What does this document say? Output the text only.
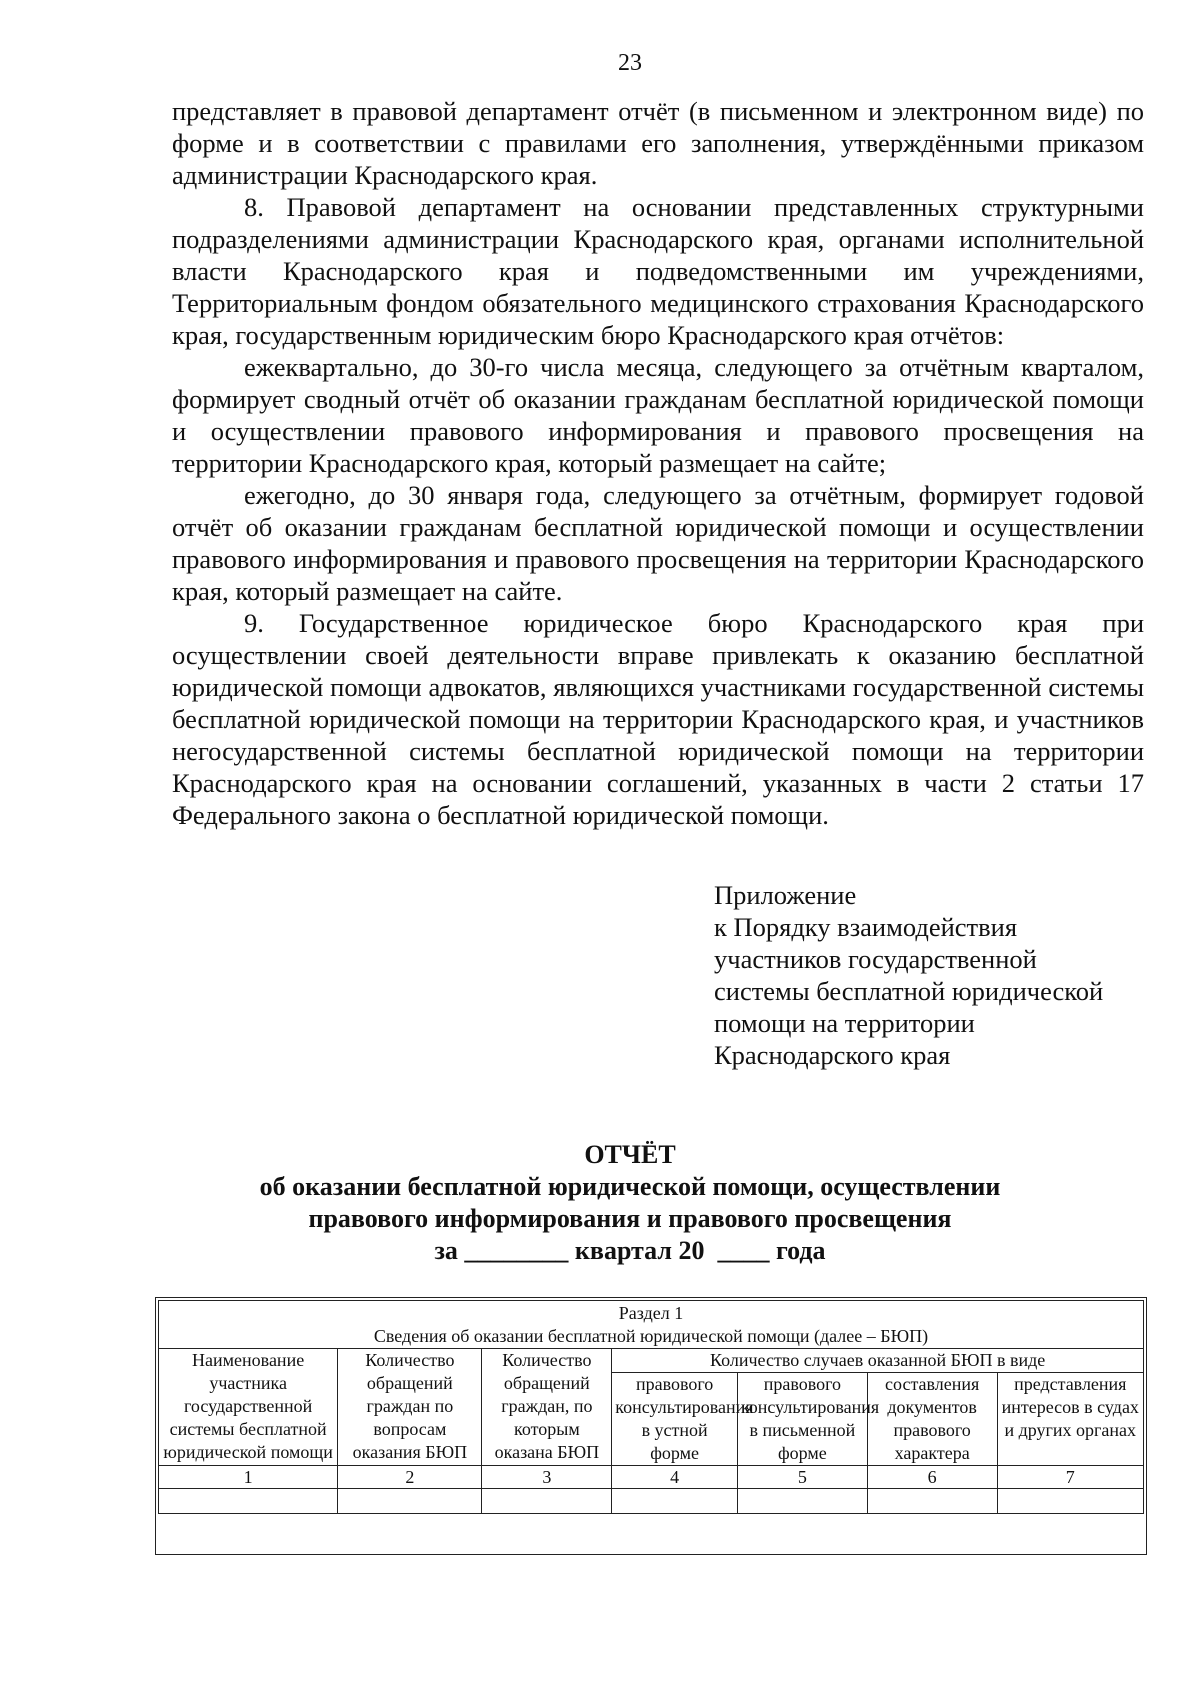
23

представляет в правовой департамент отчёт (в письменном и электронном виде) по форме и в соответствии с правилами его заполнения, утверждёнными приказом администрации Краснодарского края.

8. Правовой департамент на основании представленных структурными подразделениями администрации Краснодарского края, органами исполнительной власти Краснодарского края и подведомственными им учреждениями, Территориальным фондом обязательного медицинского страхования Краснодарского края, государственным юридическим бюро Краснодарского края отчётов:

ежеквартально, до 30-го числа месяца, следующего за отчётным кварталом, формирует сводный отчёт об оказании гражданам бесплатной юридической помощи и осуществлении правового информирования и правового просвещения на территории Краснодарского края, который размещает на сайте;

ежегодно, до 30 января года, следующего за отчётным, формирует годовой отчёт об оказании гражданам бесплатной юридической помощи и осуществлении правового информирования и правового просвещения на территории Краснодарского края, который размещает на сайте.

9. Государственное юридическое бюро Краснодарского края при осуществлении своей деятельности вправе привлекать к оказанию бесплатной юридической помощи адвокатов, являющихся участниками государственной системы бесплатной юридической помощи на территории Краснодарского края, и участников негосударственной системы бесплатной юридической помощи на территории Краснодарского края на основании соглашений, указанных в части 2 статьи 17 Федерального закона о бесплатной юридической помощи.

Приложение
к Порядку взаимодействия
участников государственной
системы бесплатной юридической
помощи на территории
Краснодарского края
ОТЧЁТ
об оказании бесплатной юридической помощи, осуществлении
правового информирования и правового просвещения
за ________ квартал 20  ____ года
Раздел 1
Сведения об оказании бесплатной юридической помощи (далее – БЮП)						

Наименование участника государственной системы бесплатной юридической помощи	Количество обращений граждан по вопросам оказания БЮП	Количество обращений граждан, по которым оказана БЮП	Количество случаев оказанной БЮП в виде			
			правового консультирования в устной форме	правового консультирования в письменной форме	составления документов правового характера	представления интересов в судах и других органах
1	2	3	4	5	6	7
